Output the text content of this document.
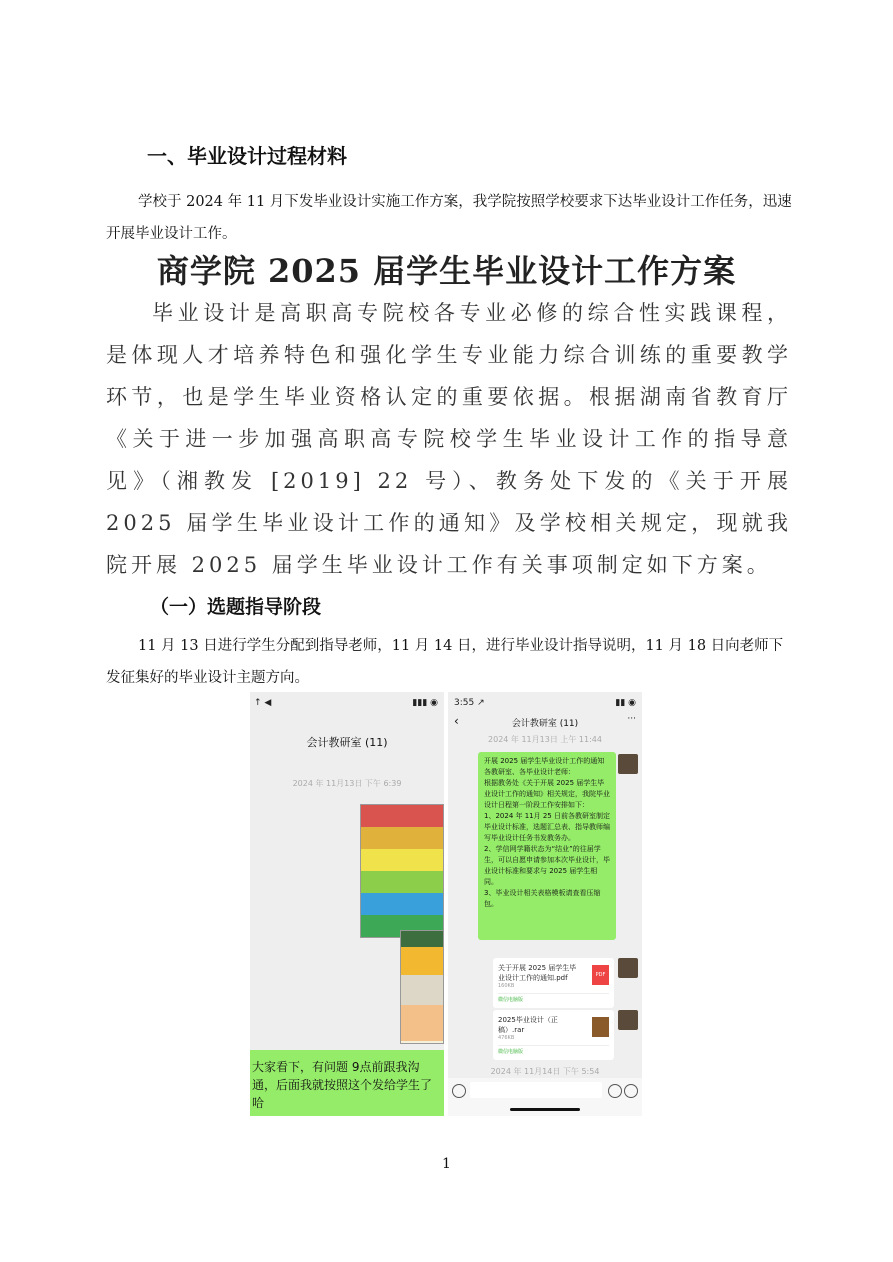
一、毕业设计过程材料
学校于 2024 年 11 月下发毕业设计实施工作方案，我学院按照学校要求下达毕业设计工作任务，迅速开展毕业设计工作。
商学院 2025 届学生毕业设计工作方案
毕业设计是高职高专院校各专业必修的综合性实践课程，是体现人才培养特色和强化学生专业能力综合训练的重要教学环节，也是学生毕业资格认定的重要依据。根据湖南省教育厅《关于进一步加强高职高专院校学生毕业设计工作的指导意见》（湘教发 [2019] 22 号）、教务处下发的《关于开展 2025 届学生毕业设计工作的通知》及学校相关规定，现就我院开展 2025 届学生毕业设计工作有关事项制定如下方案。
（一）选题指导阶段
11 月 13 日进行学生分配到指导老师，11 月 14 日，进行毕业设计指导说明，11 月 18 日向老师下发征集好的毕业设计主题方向。
↑ ◀	▮▮▮ ◉
会计教研室 (11)
2024 年 11月13日 下午 6:39
大家看下，有问题 9点前跟我沟通，后面我就按照这个发给学生了哈
3:55 ↗	▮▮ ◉
‹	会计教研室 (11)	···
2024 年 11月13日 上午 11:44
开展 2025 届学生毕业设计工作的通知
各教研室、各毕业设计老师：
根据教务处《关于开展 2025 届学生毕业设计工作的通知》相关规定，我院毕业设计日程第一阶段工作安排如下：
1、2024 年 11月 25 日前各教研室制定毕业设计标准，选题汇总表、指导教师编写毕业设计任务书发教务办。
2、学信网学籍状态为“结业”的往届学生，可以自愿申请参加本次毕业设计，毕业设计标准和要求与 2025 届学生相同。
3、毕业设计相关表格模板请查看压缩包。
关于开展 2025 届学生毕业设计工作的通知.pdf
160KB
PDF
微信电脑版
2025毕业设计（正稿）.rar
476KB
微信电脑版
2024 年 11月14日 下午 5:54
1
